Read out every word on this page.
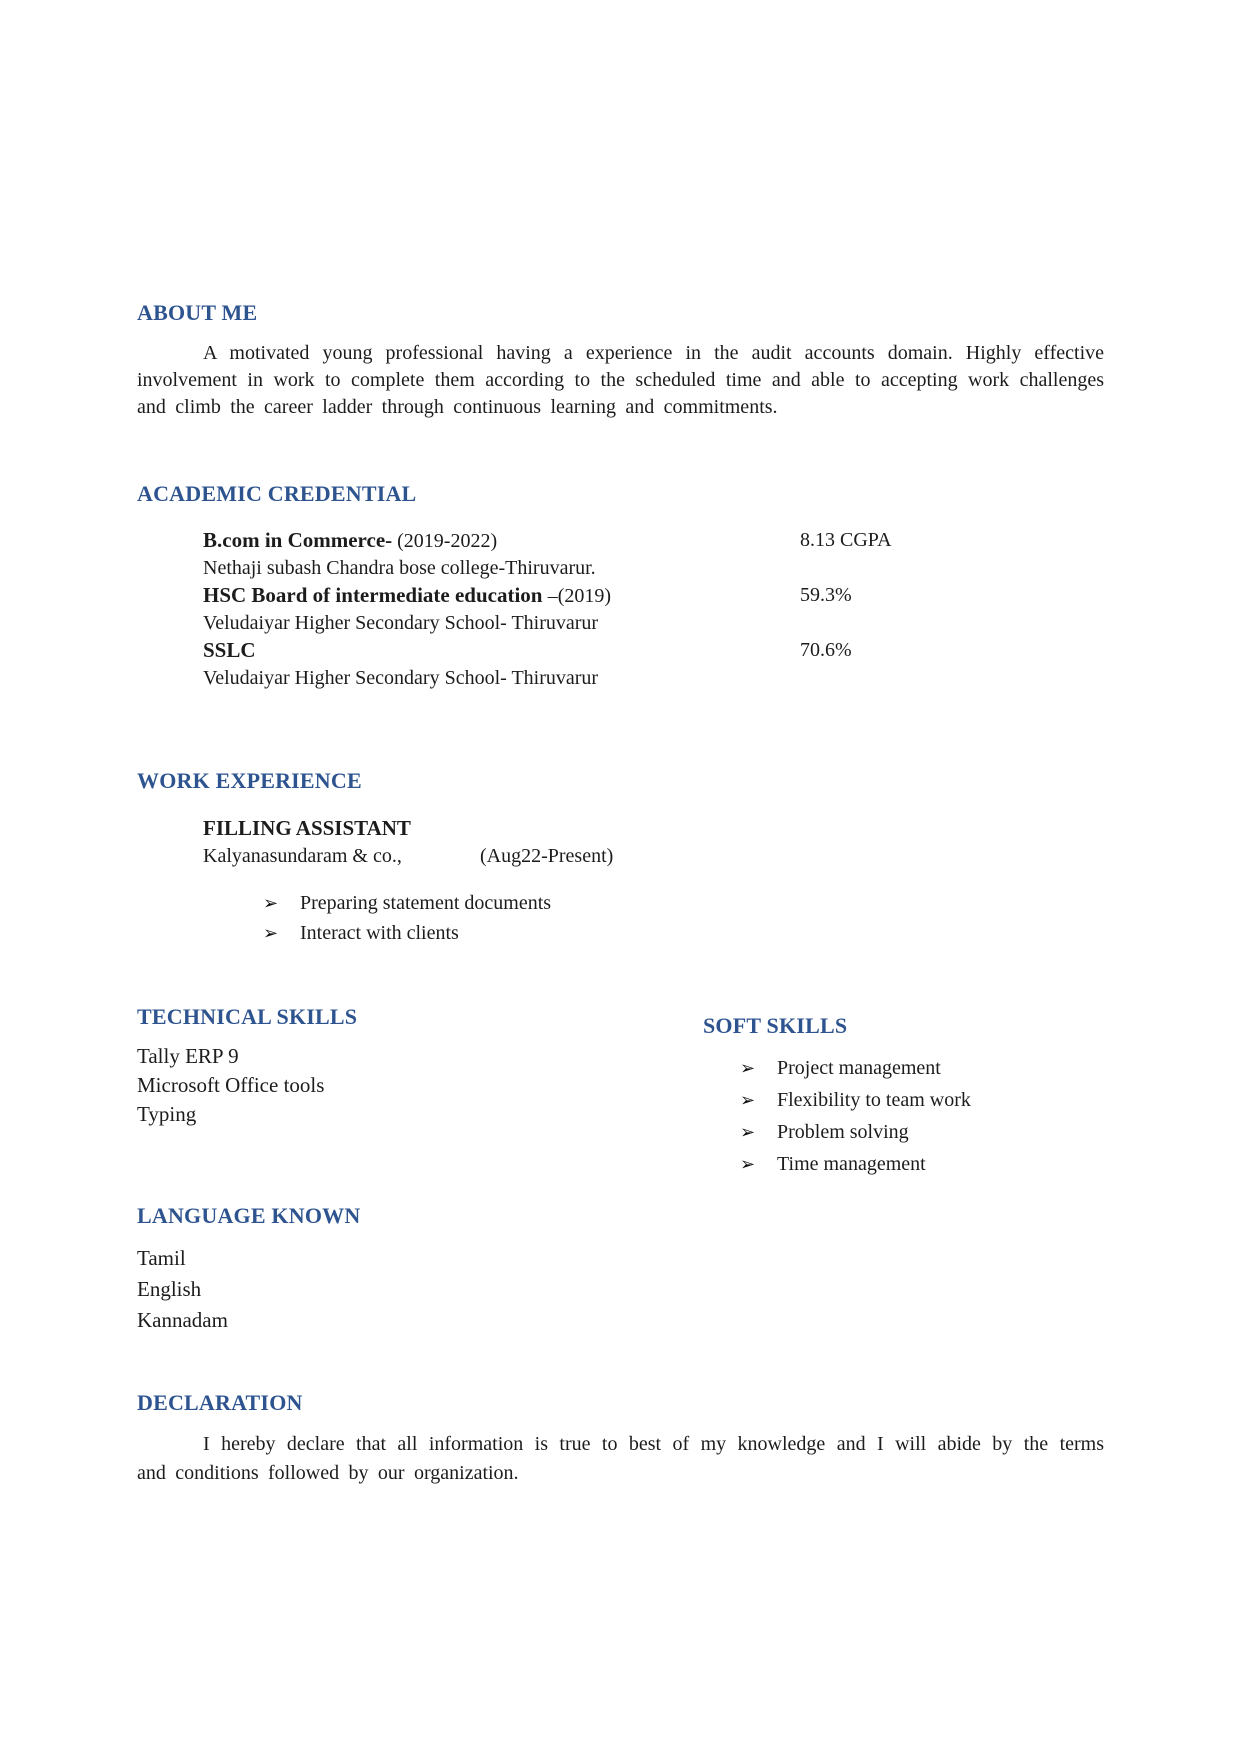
ABOUT ME
A motivated young professional having a experience in the audit accounts domain. Highly effective involvement in work to complete them according to the scheduled time and able to accepting work challenges and climb the career ladder through continuous learning and commitments.
ACADEMIC CREDENTIAL
B.com in Commerce- (2019-2022)	8.13 CGPA
Nethaji subash Chandra bose college-Thiruvarur.
HSC Board of intermediate education –(2019)	59.3%
Veludaiyar Higher Secondary School- Thiruvarur
SSLC	70.6%
Veludaiyar Higher Secondary School- Thiruvarur
WORK EXPERIENCE
FILLING ASSISTANT
Kalyanasundaram & co.,	(Aug22-Present)
➢ Preparing statement documents
➢ Interact with clients
TECHNICAL SKILLS
Tally ERP 9
Microsoft Office tools
Typing
SOFT SKILLS
➢ Project management
➢ Flexibility to team work
➢ Problem solving
➢ Time management
LANGUAGE KNOWN
Tamil
English
Kannadam
DECLARATION
I hereby declare that all information is true to best of my knowledge and I will abide by the terms and conditions followed by our organization.
